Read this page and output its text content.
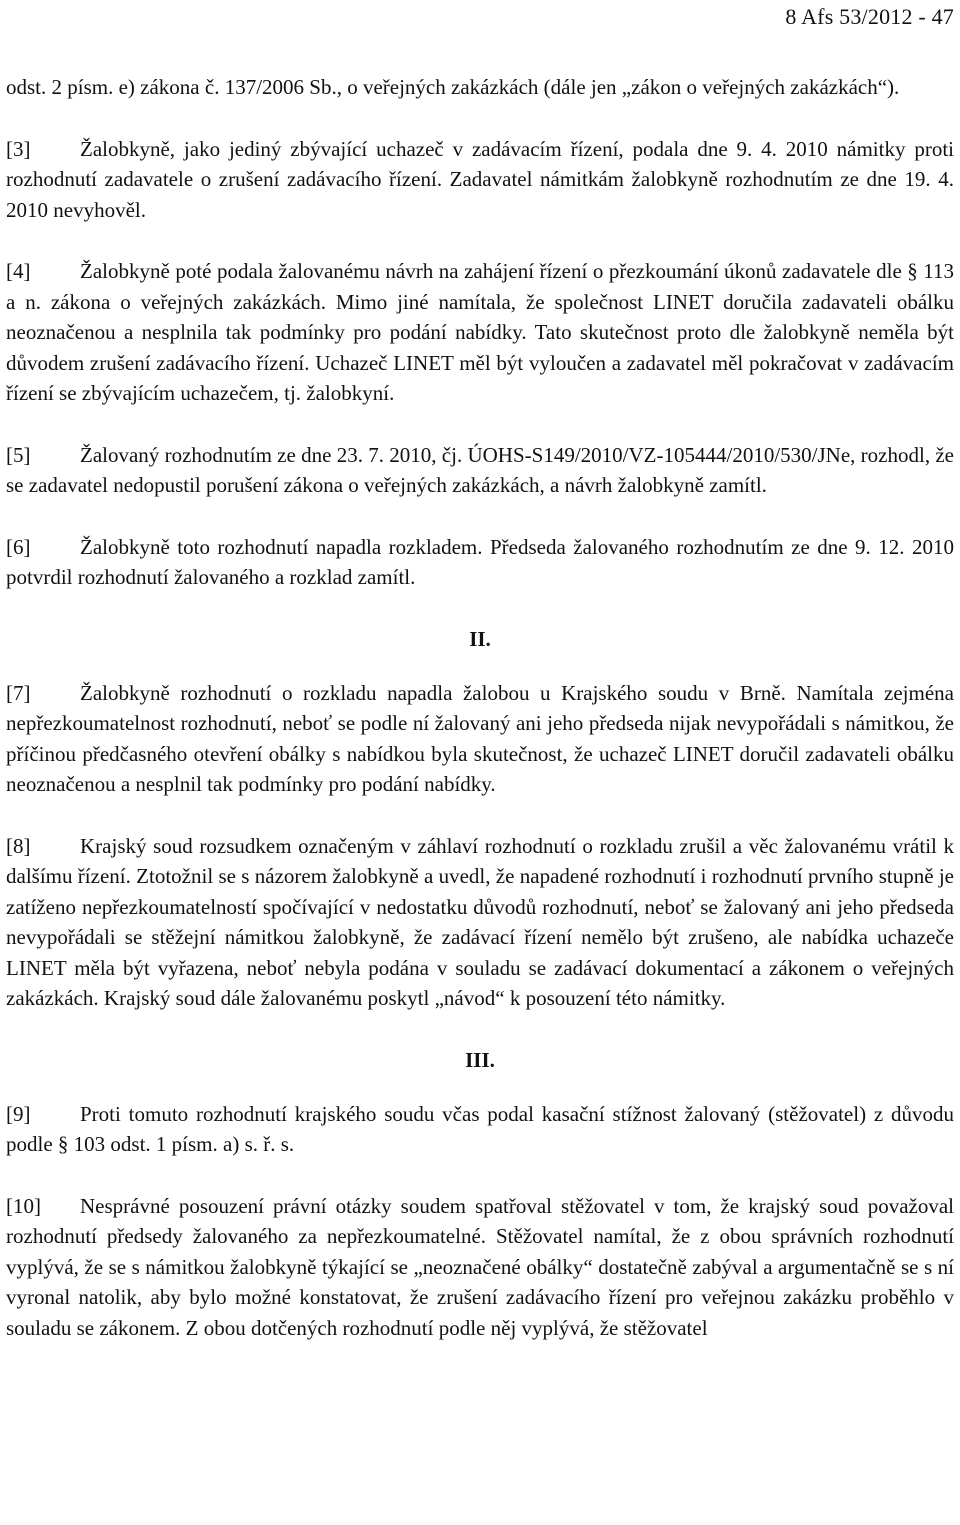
8 Afs 53/2012 - 47

odst. 2 písm. e) zákona č. 137/2006 Sb., o veřejných zakázkách (dále jen „zákon o veřejných zakázkách“).

[3] Žalobkyně, jako jediný zbývající uchazeč v zadávacím řízení, podala dne 9. 4. 2010 námitky proti rozhodnutí zadavatele o zrušení zadávacího řízení. Zadavatel námitkám žalobkyně rozhodnutím ze dne 19. 4. 2010 nevyhověl.

[4] Žalobkyně poté podala žalovanému návrh na zahájení řízení o přezkoumání úkonů zadavatele dle § 113 a n. zákona o veřejných zakázkách. Mimo jiné namítala, že společnost LINET doručila zadavateli obálku neoznačenou a nesplnila tak podmínky pro podání nabídky. Tato skutečnost proto dle žalobkyně neměla být důvodem zrušení zadávacího řízení. Uchazeč LINET měl být vyloučen a zadavatel měl pokračovat v zadávacím řízení se zbývajícím uchazečem, tj. žalobkyní.

[5] Žalovaný rozhodnutím ze dne 23. 7. 2010, čj. ÚOHS-S149/2010/VZ-105444/2010/530/JNe, rozhodl, že se zadavatel nedopustil porušení zákona o veřejných zakázkách, a návrh žalobkyně zamítl.

[6] Žalobkyně toto rozhodnutí napadla rozkladem. Předseda žalovaného rozhodnutím ze dne 9. 12. 2010 potvrdil rozhodnutí žalovaného a rozklad zamítl.

II.

[7] Žalobkyně rozhodnutí o rozkladu napadla žalobou u Krajského soudu v Brně. Namítala zejména nepřezkoumatelnost rozhodnutí, neboť se podle ní žalovaný ani jeho předseda nijak nevypořádali s námitkou, že příčinou předčasného otevření obálky s nabídkou byla skutečnost, že uchazeč LINET doručil zadavateli obálku neoznačenou a nesplnil tak podmínky pro podání nabídky.

[8] Krajský soud rozsudkem označeným v záhlaví rozhodnutí o rozkladu zrušil a věc žalovanému vrátil k dalšímu řízení. Ztotožnil se s názorem žalobkyně a uvedl, že napadené rozhodnutí i rozhodnutí prvního stupně je zatíženo nepřezkoumatelností spočívající v nedostatku důvodů rozhodnutí, neboť se žalovaný ani jeho předseda nevypořádali se stěžejní námitkou žalobkyně, že zadávací řízení nemělo být zrušeno, ale nabídka uchazeče LINET měla být vyřazena, neboť nebyla podána v souladu se zadávací dokumentací a zákonem o veřejných zakázkách. Krajský soud dále žalovanému poskytl „návod“ k posouzení této námitky.

III.

[9] Proti tomuto rozhodnutí krajského soudu včas podal kasační stížnost žalovaný (stěžovatel) z důvodu podle § 103 odst. 1 písm. a) s. ř. s.

[10] Nesprávné posouzení právní otázky soudem spatřoval stěžovatel v tom, že krajský soud považoval rozhodnutí předsedy žalovaného za nepřezkoumatelné. Stěžovatel namítal, že z obou správních rozhodnutí vyplývá, že se s námitkou žalobkyně týkající se „neoznačené obálky“ dostatečně zabýval a argumentačně se s ní vyronal natolik, aby bylo možné konstatovat, že zrušení zadávacího řízení pro veřejnou zakázku proběhlo v souladu se zákonem. Z obou dotčených rozhodnutí podle něj vyplývá, že stěžovatel
